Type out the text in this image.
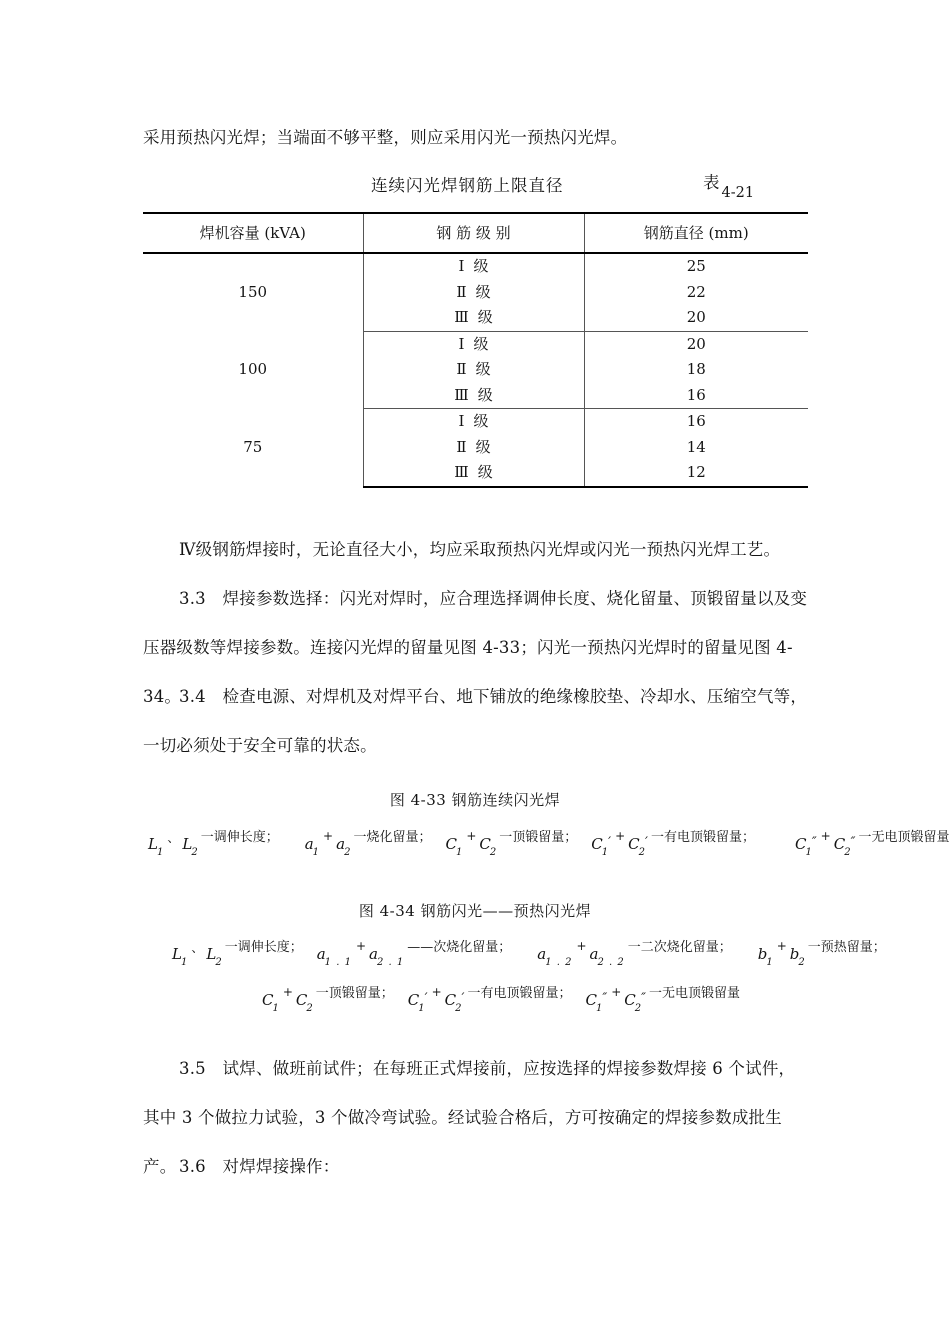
采用预热闪光焊；当端面不够平整，则应采用闪光一预热闪光焊。
连续闪光焊钢筋上限直径	表4-21
焊机容量 (kVA)	钢 筋 级 别	钢筋直径 (mm)
150	Ⅰ 级	25
	Ⅱ 级	22
	Ⅲ 级	20
100	Ⅰ 级	20
	Ⅱ 级	18
	Ⅲ 级	16
75	Ⅰ 级	16
	Ⅱ 级	14
	Ⅲ 级	12
Ⅳ级钢筋焊接时，无论直径大小，均应采取预热闪光焊或闪光一预热闪光焊工艺。
3.3　焊接参数选择：闪光对焊时，应合理选择调伸长度、烧化留量、顶锻留量以及变压器级数等焊接参数。连接闪光焊的留量见图 4-33；闪光一预热闪光焊时的留量见图 4-34。
3.4　检查电源、对焊机及对焊平台、地下铺放的绝缘橡胶垫、冷却水、压缩空气等，一切必须处于安全可靠的状态。
图 4-33 钢筋连续闪光焊
$L_1$、 $L_2$一调伸长度； $a_1+ a_2$一烧化留量； $C_1+ C_2$一顶锻留量； $C_1' + C_2'$ 一有电顶锻留量；	$C_1'' + C_2''$ 一无电顶锻留量
图 4-34 钢筋闪光——预热闪光焊
$L_1$、 $L_2$一调伸长度； $a_{1 . 1}+$ $a_{2 . 1}——$次烧化留量； $a_{1 . 2}+ a_{2 . 2}$一二次烧化留量； $b_1+ b_2$一预热留量；
$C_1+ C_2$一顶锻留量； $C_1' + C_2'$ 一有电顶锻留量； $C_1'' + C_2''$ 一无电顶锻留量
3.5　试焊、做班前试件；在每班正式焊接前，应按选择的焊接参数焊接 6 个试件，其中 3 个做拉力试验，3 个做冷弯试验。经试验合格后，方可按确定的焊接参数成批生产。 3.6　对焊焊接操作：
